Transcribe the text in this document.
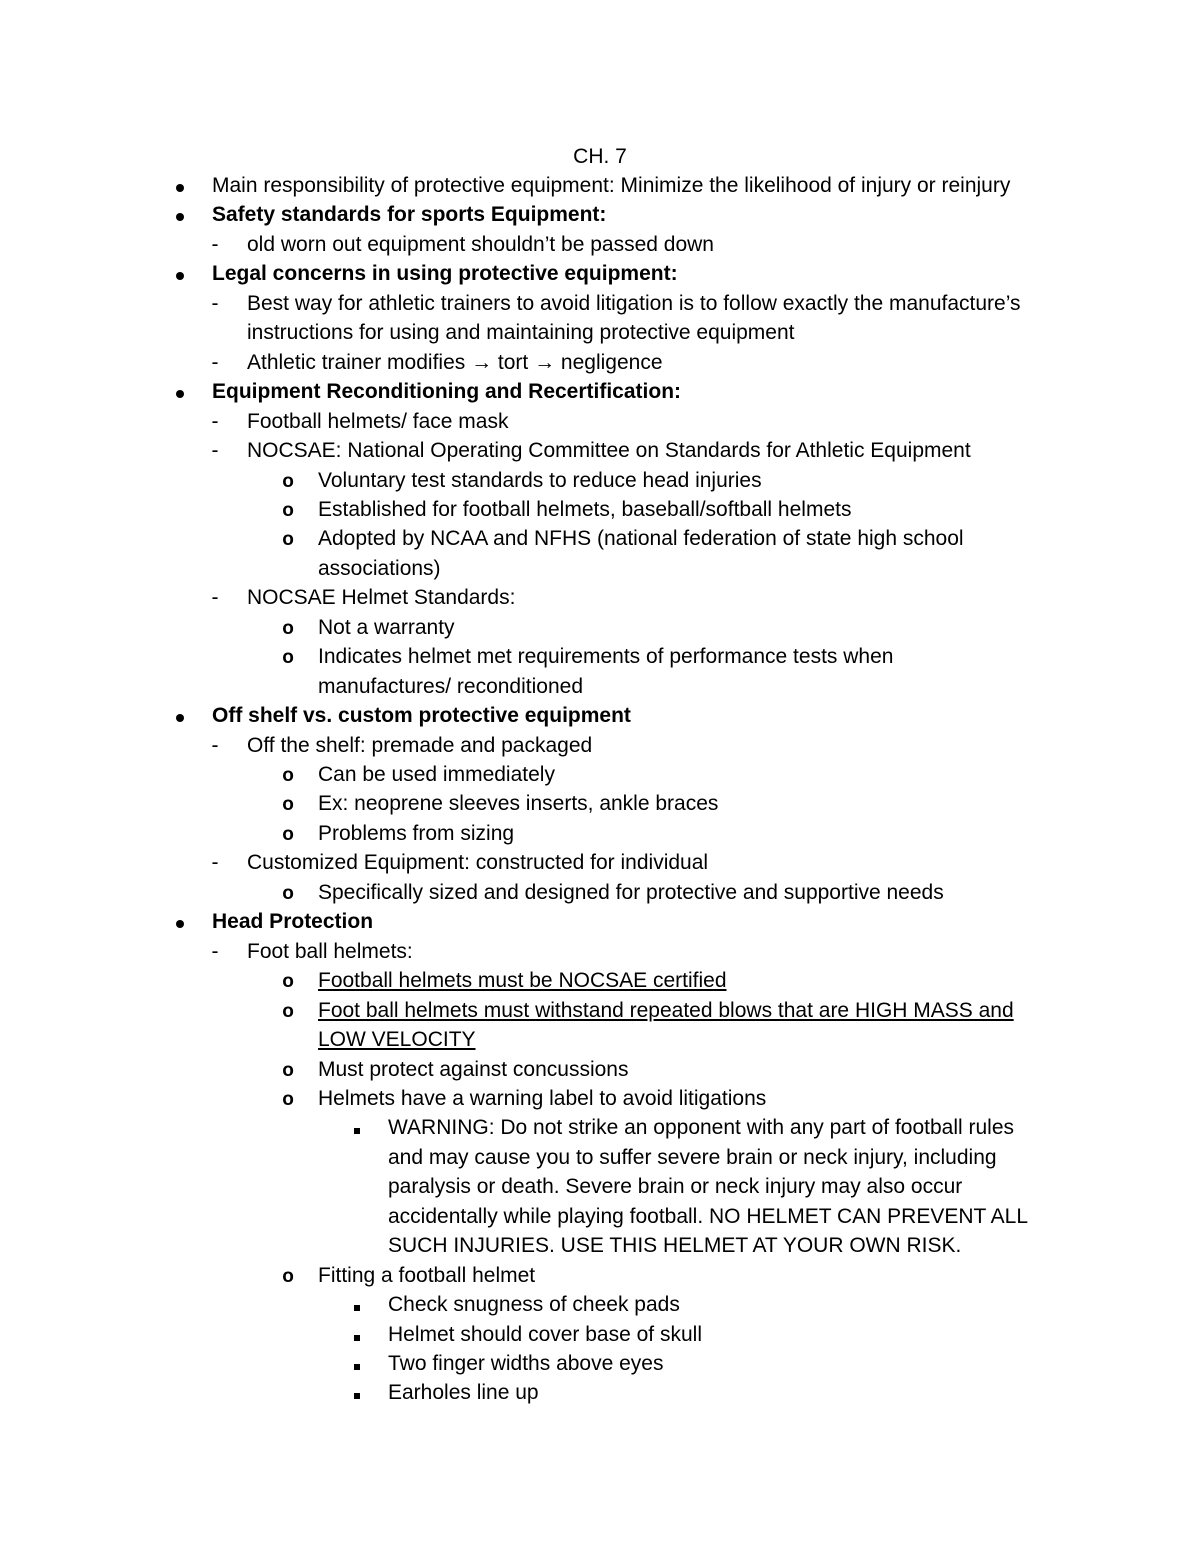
CH. 7
Main responsibility of protective equipment: Minimize the likelihood of injury or reinjury
Safety standards for sports Equipment:
-	old worn out equipment shouldn’t be passed down
Legal concerns in using protective equipment:
-	Best way for athletic trainers to avoid litigation is to follow exactly the manufacture’s
instructions for using and maintaining protective equipment
-	Athletic trainer modifies → tort → negligence
Equipment Reconditioning and Recertification:
-	Football helmets/ face mask
-	NOCSAE: National Operating Committee on Standards for Athletic Equipment
o Voluntary test standards to reduce head injuries
o Established for football helmets, baseball/softball helmets
o Adopted by NCAA and NFHS (national federation of state high school
associations)
-	NOCSAE Helmet Standards:
o Not a warranty
o Indicates helmet met requirements of performance tests when
manufactures/ reconditioned
Off shelf vs. custom protective equipment
-	Off the shelf: premade and packaged
o Can be used immediately
o Ex: neoprene sleeves inserts, ankle braces
o Problems from sizing
-	Customized Equipment: constructed for individual
o Specifically sized and designed for protective and supportive needs
Head Protection
-	Foot ball helmets:
o Football helmets must be NOCSAE certified
o Foot ball helmets must withstand repeated blows that are HIGH MASS and
LOW VELOCITY
o Must protect against concussions
o Helmets have a warning label to avoid litigations
WARNING: Do not strike an opponent with any part of football rules
and may cause you to suffer severe brain or neck injury, including
paralysis or death. Severe brain or neck injury may also occur
accidentally while playing football. NO HELMET CAN PREVENT ALL
SUCH INJURIES. USE THIS HELMET AT YOUR OWN RISK.
o Fitting a football helmet
Check snugness of cheek pads
Helmet should cover base of skull
Two finger widths above eyes
Earholes line up
